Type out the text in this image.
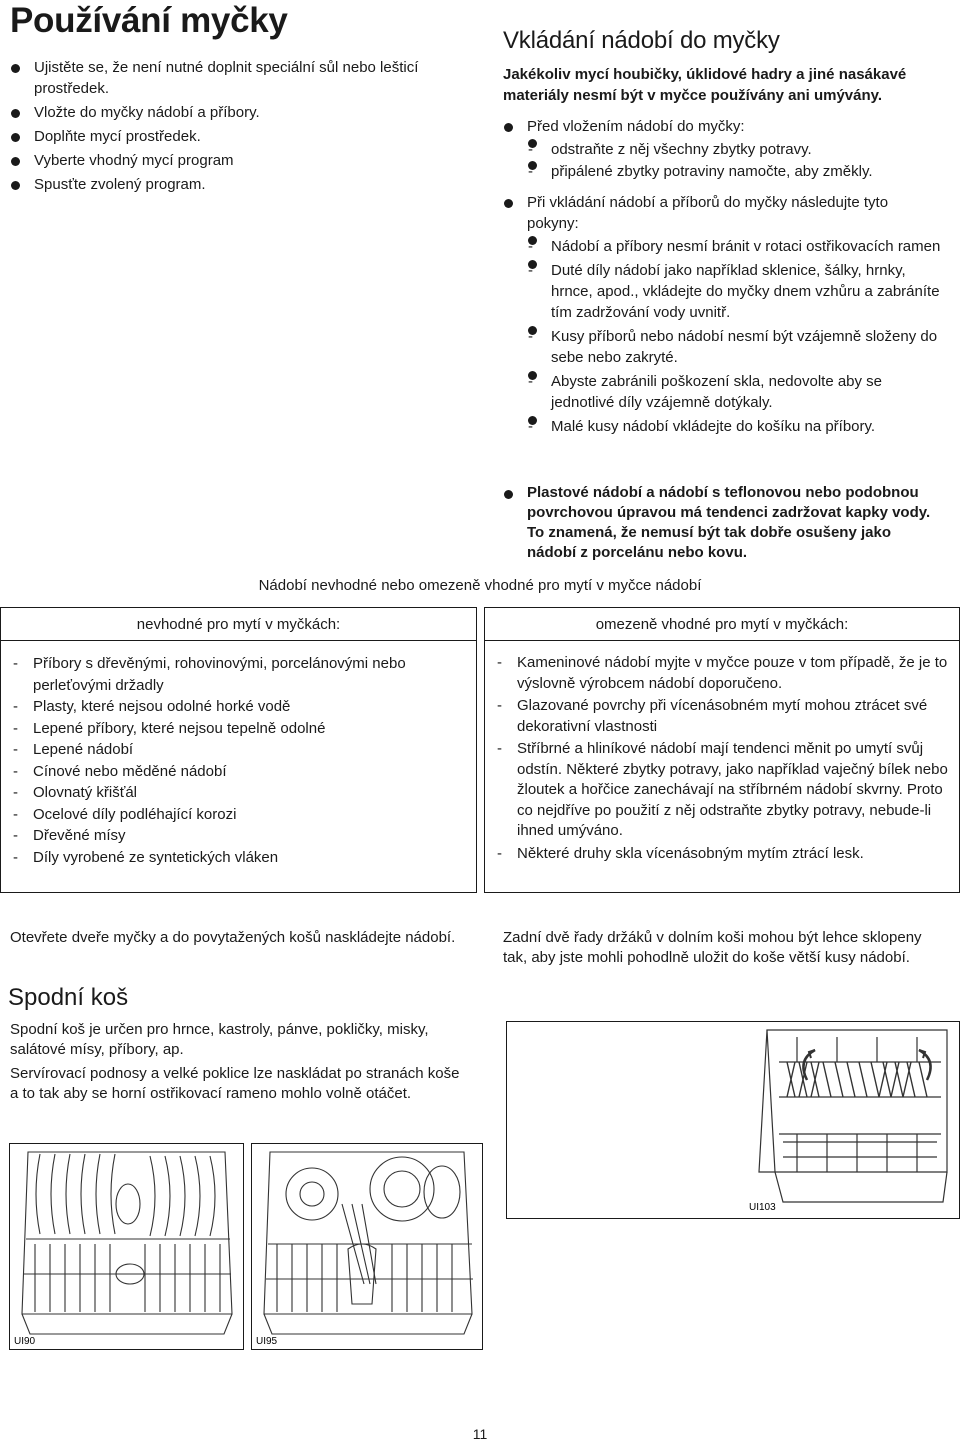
Používání myčky
Ujistěte se, že není nutné doplnit speciální sůl nebo lešticí prostředek.
Vložte do myčky nádobí a příbory.
Doplňte mycí prostředek.
Vyberte vhodný mycí program
Spusťte zvolený program.
Vkládání nádobí do myčky
Jakékoliv mycí houbičky, úklidové hadry a jiné nasákavé materiály nesmí být v myčce používány ani umývány.
Před vložením nádobí do myčky:
- odstraňte z něj všechny zbytky potravy.
- připálené zbytky potraviny namočte, aby změkly.
Při vkládání nádobí a příborů do myčky následujte tyto pokyny:
- Nádobí a příbory nesmí bránit v rotaci ostřikovacích ramen
- Duté díly nádobí jako například sklenice, šálky, hrnky, hrnce, apod., vkládejte do myčky dnem vzhůru a zabráníte tím zadržování vody uvnitř.
- Kusy příborů nebo nádobí nesmí být vzájemně složeny do sebe nebo zakryté.
- Abyste zabránili poškození skla, nedovolte aby se jednotlivé díly vzájemně dotýkaly.
- Malé kusy nádobí vkládejte do košíku na příbory.
Plastové nádobí a nádobí s teflonovou nebo podobnou povrchovou úpravou má tendenci zadržovat kapky vody. To znamená, že nemusí být tak dobře osušeny jako nádobí z porcelánu nebo kovu.
Nádobí nevhodné nebo omezeně vhodné pro mytí v myčce nádobí
nevhodné pro mytí v myčkách:
- Příbory s dřevěnými, rohovinovými, porcelánovými nebo perleťovými držadly
- Plasty, které nejsou odolné horké vodě
- Lepené příbory, které nejsou tepelně odolné
- Lepené nádobí
- Cínové nebo měděné nádobí
- Olovnatý křišťál
- Ocelové díly podléhající korozi
- Dřevěné mísy
- Díly vyrobené ze syntetických vláken
omezeně vhodné pro mytí v myčkách:
- Kameninové nádobí myjte v myčce pouze v tom případě, že je to výslovně výrobcem nádobí doporučeno.
- Glazované povrchy při vícenásobném mytí mohou ztrácet své dekorativní vlastnosti
- Stříbrné a hliníkové nádobí mají tendenci měnit po umytí svůj odstín. Některé zbytky potravy, jako například vaječný bílek nebo žloutek a hořčice zanechávají na stříbrném nádobí skvrny. Proto co nejdříve po použití z něj odstraňte zbytky potravy, nebude-li ihned umýváno.
- Některé druhy skla vícenásobným mytím ztrácí lesk.
Otevřete dveře myčky a do povytažených košů naskládejte nádobí.
Spodní koš
Spodní koš je určen pro hrnce, kastroly, pánve, pokličky, misky, salátové mísy, příbory, ap.
Servírovací podnosy a velké poklice lze naskládat po stranách koše a to tak aby se horní ostřikovací rameno mohlo volně otáčet.
Zadní dvě řady držáků v dolním koši mohou být lehce sklopeny tak, aby jste mohli pohodlně uložit do koše větší kusy nádobí.
UI103
UI90	UI95
11
